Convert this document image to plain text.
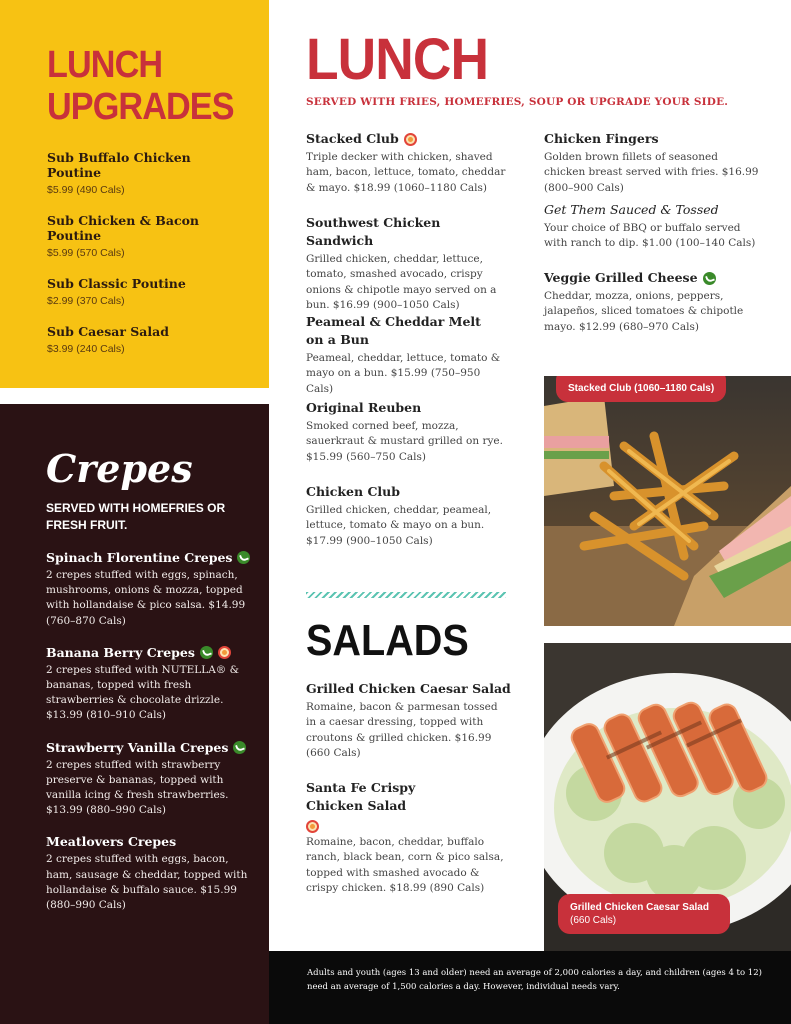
LUNCH
UPGRADES
Sub Buffalo Chicken Poutine
$5.99 (490 Cals)
Sub Chicken & Bacon Poutine
$5.99 (570 Cals)
Sub Classic Poutine
$2.99 (370 Cals)
Sub Caesar Salad
$3.99 (240 Cals)
Crepes
SERVED WITH HOMEFRIES OR FRESH FRUIT.
Spinach Florentine Crepes
2 crepes stuffed with eggs, spinach, mushrooms, onions & mozza, topped with hollandaise & pico salsa. $14.99 (760–870 Cals)
Banana Berry Crepes
2 crepes stuffed with NUTELLA® & bananas, topped with fresh strawberries & chocolate drizzle. $13.99 (810–910 Cals)
Strawberry Vanilla Crepes
2 crepes stuffed with strawberry preserve & bananas, topped with vanilla icing & fresh strawberries. $13.99 (880–990 Cals)
Meatlovers Crepes
2 crepes stuffed with eggs, bacon, ham, sausage & cheddar, topped with hollandaise & buffalo sauce. $15.99 (880–990 Cals)
LUNCH
SERVED WITH FRIES, HOMEFRIES, SOUP OR UPGRADE YOUR SIDE.
Stacked Club
Triple decker with chicken, shaved ham, bacon, lettuce, tomato, cheddar & mayo. $18.99 (1060–1180 Cals)
Southwest Chicken Sandwich
Grilled chicken, cheddar, lettuce, tomato, smashed avocado, crispy onions & chipotle mayo served on a bun. $16.99 (900–1050 Cals)
Peameal & Cheddar Melt on a Bun
Peameal, cheddar, lettuce, tomato & mayo on a bun. $15.99 (750–950 Cals)
Original Reuben
Smoked corned beef, mozza, sauerkraut & mustard grilled on rye. $15.99 (560–750 Cals)
Chicken Club
Grilled chicken, cheddar, peameal, lettuce, tomato & mayo on a bun. $17.99 (900–1050 Cals)
Chicken Fingers
Golden brown fillets of seasoned chicken breast served with fries. $16.99 (800–900 Cals)
Get Them Sauced & Tossed
Your choice of BBQ or buffalo served with ranch to dip. $1.00 (100–140 Cals)
Veggie Grilled Cheese
Cheddar, mozza, onions, peppers, jalapeños, sliced tomatoes & chipotle mayo. $12.99 (680–970 Cals)
SALADS
Grilled Chicken Caesar Salad
Romaine, bacon & parmesan tossed in a caesar dressing, topped with croutons & grilled chicken. $16.99 (660 Cals)
Santa Fe Crispy Chicken Salad
Romaine, bacon, cheddar, buffalo ranch, black bean, corn & pico salsa, topped with smashed avocado & crispy chicken. $18.99 (890 Cals)
Stacked Club (1060–1180 Cals)
Grilled Chicken Caesar Salad
(660 Cals)
Adults and youth (ages 13 and older) need an average of 2,000 calories a day, and children (ages 4 to 12) need an average of 1,500 calories a day. However, individual needs vary.
